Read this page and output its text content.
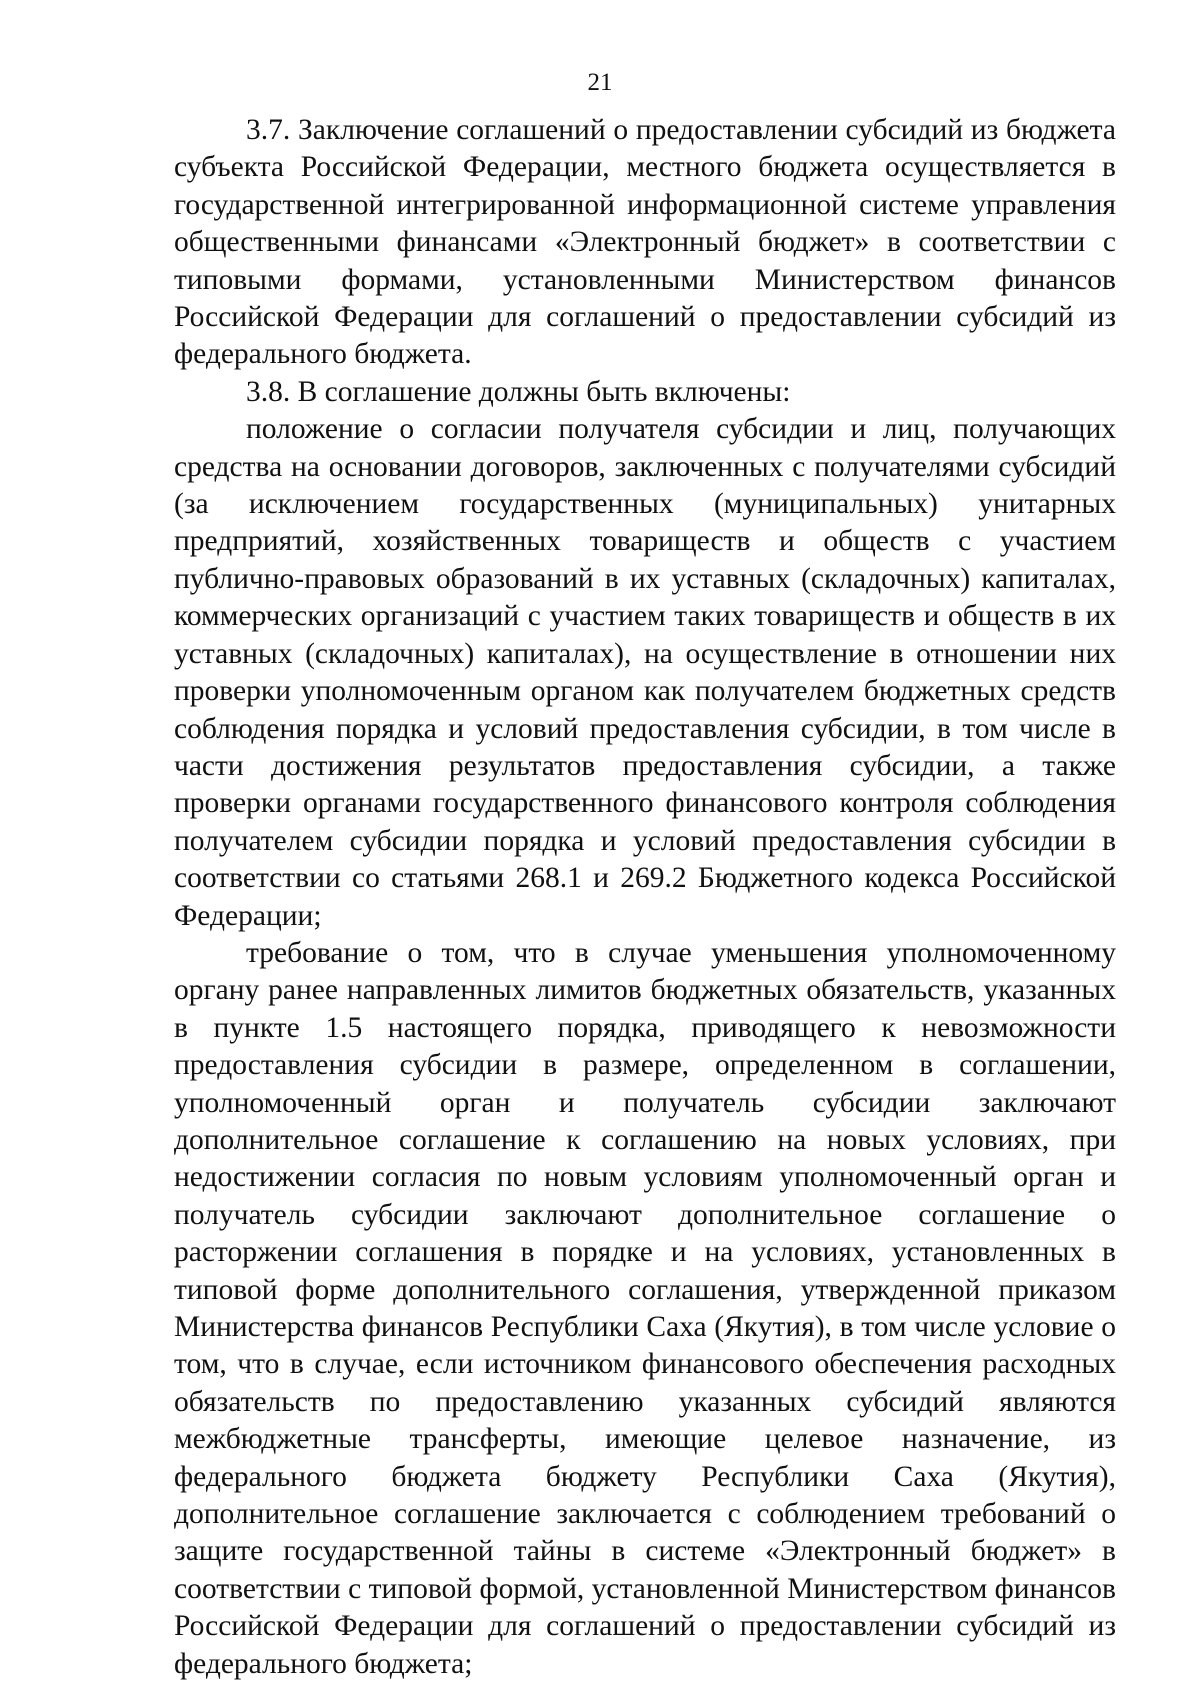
21

3.7. Заключение соглашений о предоставлении субсидий из бюджета субъекта Российской Федерации, местного бюджета осуществляется в государственной интегрированной информационной системе управления общественными финансами «Электронный бюджет» в соответствии с типовыми формами, установленными Министерством финансов Российской Федерации для соглашений о предоставлении субсидий из федерального бюджета.

3.8. В соглашение должны быть включены:

положение о согласии получателя субсидии и лиц, получающих средства на основании договоров, заключенных с получателями субсидий (за исключением государственных (муниципальных) унитарных предприятий, хозяйственных товариществ и обществ с участием публично-правовых образований в их уставных (складочных) капиталах, коммерческих организаций с участием таких товариществ и обществ в их уставных (складочных) капиталах), на осуществление в отношении них проверки уполномоченным органом как получателем бюджетных средств соблюдения порядка и условий предоставления субсидии, в том числе в части достижения результатов предоставления субсидии, а также проверки органами государственного финансового контроля соблюдения получателем субсидии порядка и условий предоставления субсидии в соответствии со статьями 268.1 и 269.2 Бюджетного кодекса Российской Федерации;

требование о том, что в случае уменьшения уполномоченному органу ранее направленных лимитов бюджетных обязательств, указанных в пункте 1.5 настоящего порядка, приводящего к невозможности предоставления субсидии в размере, определенном в соглашении, уполномоченный орган и получатель субсидии заключают дополнительное соглашение к соглашению на новых условиях, при недостижении согласия по новым условиям уполномоченный орган и получатель субсидии заключают дополнительное соглашение о расторжении соглашения в порядке и на условиях, установленных в типовой форме дополнительного соглашения, утвержденной приказом Министерства финансов Республики Саха (Якутия), в том числе условие о том, что в случае, если источником финансового обеспечения расходных обязательств по предоставлению указанных субсидий являются межбюджетные трансферты, имеющие целевое назначение, из федерального бюджета бюджету Республики Саха (Якутия), дополнительное соглашение заключается с соблюдением требований о защите государственной тайны в системе «Электронный бюджет» в соответствии с типовой формой, установленной Министерством финансов Российской Федерации для соглашений о предоставлении субсидий из федерального бюджета;
